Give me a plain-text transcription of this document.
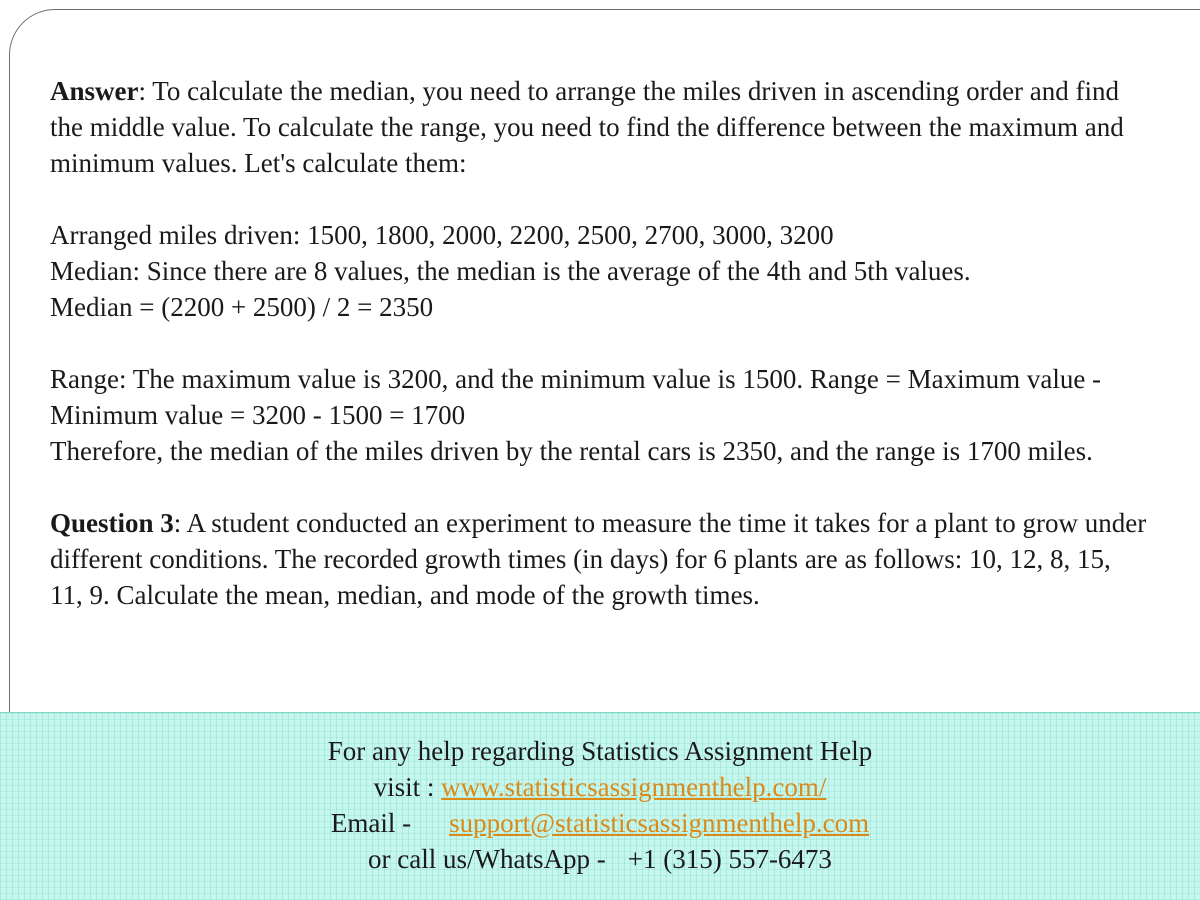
Answer: To calculate the median, you need to arrange the miles driven in ascending order and find the middle value. To calculate the range, you need to find the difference between the maximum and minimum values. Let's calculate them:

Arranged miles driven: 1500, 1800, 2000, 2200, 2500, 2700, 3000, 3200

Median: Since there are 8 values, the median is the average of the 4th and 5th values.

Median = (2200 + 2500) / 2 = 2350

Range: The maximum value is 3200, and the minimum value is 1500. Range = Maximum value - Minimum value = 3200 - 1500 = 1700

Therefore, the median of the miles driven by the rental cars is 2350, and the range is 1700 miles.

Question 3: A student conducted an experiment to measure the time it takes for a plant to grow under different conditions. The recorded growth times (in days) for 6 plants are as follows: 10, 12, 8, 15, 11, 9. Calculate the mean, median, and mode of the growth times.

For any help regarding Statistics Assignment Help
visit : www.statisticsassignmenthelp.com/
Email - support@statisticsassignmenthelp.com
or call us/WhatsApp - +1 (315) 557-6473
